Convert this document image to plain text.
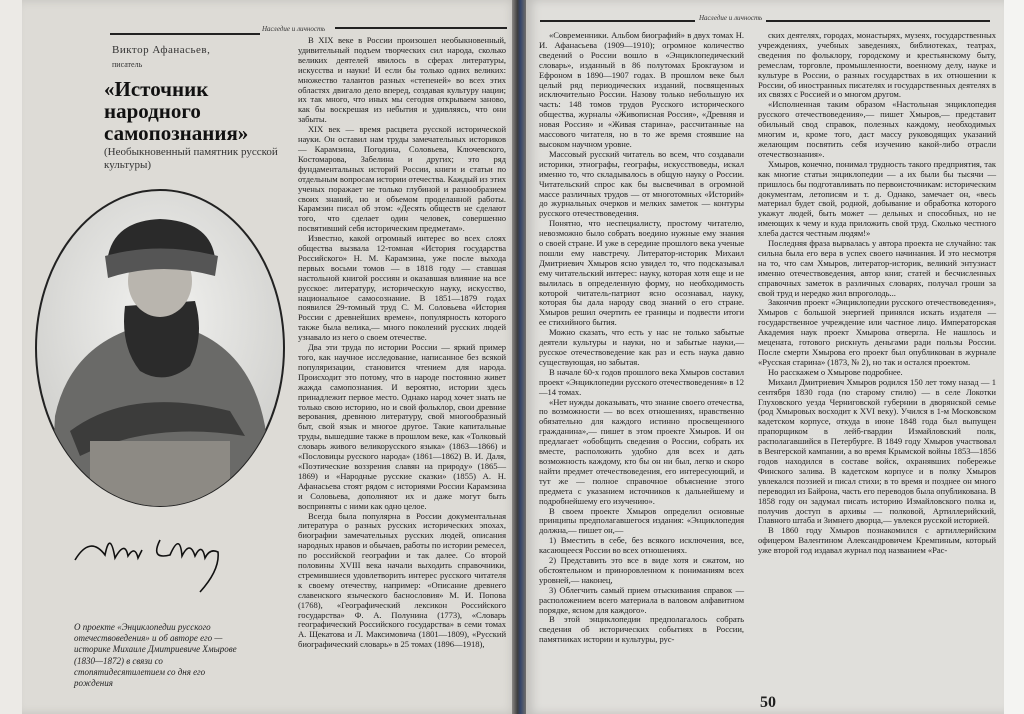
Наследие и личность
Виктор Афанасьев,
писатель
«Источник народного самопознания»
(Необыкновенный памятник русской культуры)
О проекте «Энциклопедии русского отечествоведения» и об авторе его — историке Михаиле Дмитриевиче Хмырове (1830—1872) в связи со стопятидесятилетием со дня его рождения

В XIX веке в России произошел необыкновенный, удивительный подъем творческих сил народа, сколько великих деятелей явилось в сферах литературы, искусства и науки! И если бы только одних великих: множество талантов разных «степеней» во всех этих областях двигало дело вперед, создавая культуру нации; их так много, что иных мы сегодня открываем заново, как бы воскрешая из небытия и удивляясь, что они забыты.

XIX век — время расцвета русской исторической науки. Он оставил нам труды замечательных историков — Карамзина, Погодина, Соловьева, Ключевского, Костомарова, Забелина и других; это ряд фундаментальных историй России, книги и статьи по отдельным вопросам истории отечества. Каждый из этих ученых поражает не только глубиной и разнообразием своих знаний, но и объемом проделанной работы. Карамзин писал об этом: «Десять обществ не сделают того, что сделает один человек, совершенно посвятивший себя историческим предметам».

Известно, какой огромный интерес во всех слоях общества вызвала 12-томная «История государства Российского» Н. М. Карамзина, уже после выхода первых восьми томов — в 1818 году — ставшая настольной книгой россиян и оказавшая влияние на все русское: литературу, историческую науку, искусство, национальное самосознание. В 1851—1879 годах появился 29-томный труд С. М. Соловьева «История России с древнейших времен», популярность которого также была велика,— много поколений русских людей узнавало из него о своем отечестве.

Два эти труда по истории России — яркий пример того, как научное исследование, написанное без всякой популяризации, становится чтением для народа. Происходит это потому, что в народе постоянно живет жажда самопознания. И вероятно, истории здесь принадлежит первое место. Однако народ хочет знать не только свою историю, но и свой фольклор, свои древние верования, древнюю литературу, свой многообразный быт, свой язык и многое другое. Такие капитальные труды, вышедшие также в прошлом веке, как «Толковый словарь живого великорусского языка» (1863—1866) и «Пословицы русского народа» (1861—1862) В. И. Даля, «Поэтические воззрения славян на природу» (1865—1869) и «Народные русские сказки» (1855) А. Н. Афанасьева стоят рядом с историями России Карамзина и Соловьева, дополняют их и даже могут быть восприняты с ними как одно целое.

Всегда была популярна в России документальная литература о разных русских исторических эпохах, биографии замечательных русских людей, описания народных нравов и обычаев, работы по истории ремесел, по российской географии и так далее. Со второй половины XVIII века начали выходить справочники, стремившиеся удовлетворить интерес русского читателя к своему отечеству, например: «Описание древнего славенского языческого баснословия» М. И. Попова (1768), «Географический лексикон Российского государства» Ф. А. Полунина (1773), «Словарь географический Российского государства» в семи томах А. Щекатова и Л. Максимовича (1801—1809), «Русский биографический словарь» в 25 томах (1896—1918),

Наследие и личность

«Современники. Альбом биографий» в двух томах Н. И. Афанасьева (1909—1910); огромное количество сведений о России вошло в «Энциклопедический словарь», изданный в 86 полутомах Брокгаузом и Ефроном в 1890—1907 годах. В прошлом веке был целый ряд периодических изданий, посвященных исключительно России. Назову только небольшую их часть: 148 томов трудов Русского исторического общества, журналы «Живописная Россия», «Древняя и новая Россия» и «Живая старина», рассчитанные на массового читателя, но в то же время стоявшие на высоком научном уровне.

Массовый русский читатель во всем, что создавали историки, этнографы, географы, искусствоведы, искал именно то, что складывалось в общую науку о России. Читательский спрос как бы высвечивал в огромной массе различных трудов — от многотомных «Историй» до журнальных очерков и мелких заметок — контуры русского отечествоведения.

Понятно, что неспециалисту, простому читателю, невозможно было собрать воедино нужные ему знания о своей стране. И уже в середине прошлого века ученые пошли ему навстречу. Литератор-историк Михаил Дмитриевич Хмыров ясно увидел то, что подсказывал ему читательский интерес: науку, которая хотя еще и не вылилась в определенную форму, но необходимость которой читатель-патриот ясно осознавал, науку, которая бы дала народу свод знаний о его стране. Хмыров решил очертить ее границы и подвести итоги ее стихийного бытия.

Можно сказать, что есть у нас не только забытые деятели культуры и науки, но и забытые науки,— русское отечествоведение как раз и есть наука давно существующая, но забытая.

В начале 60-х годов прошлого века Хмыров составил проект «Энциклопедии русского отечествоведения» в 12—14 томах.

«Нет нужды доказывать, что знание своего отечества, по возможности — во всех отношениях, нравственно обязательно для каждого истинно просвещенного гражданина»,— пишет в этом проекте Хмыров. И он предлагает «обобщить сведения о России, собрать их вместе, расположить удобно для всех и дать возможность каждому, кто бы он ни был, легко и скоро найти предмет отечествоведения, его интересующий, и тут же — полное справочное объяснение этого предмета с указанием источников к дальнейшему и подробнейшему его изучению».

В своем проекте Хмыров определил основные принципы предполагавшегося издания: «Энциклопедия должна,— пишет он,—

1) Вместить в себе, без всякого исключения, все, касающееся России во всех отношениях.

2) Представить это все в виде хотя и сжатом, но обстоятельном и приноровленном к пониманиям всех уровней,— наконец,

3) Облегчить самый прием отыскивания справок — расположением всего материала в валовом алфавитном порядке, ясном для каждого».

В этой энциклопедии предполагалось собрать сведения об исторических событиях в России, памятниках истории и культуры, рус-

ских деятелях, городах, монастырях, музеях, государственных учреждениях, учебных заведениях, библиотеках, театрах, сведения по фольклору, городскому и крестьянскому быту, ремеслам, торговле, промышленности, военному делу, науке и культуре в России, о разных государствах в их отношении к России, об иностранных писателях и государственных деятелях в их связях с Россией и о многом другом.

«Исполненная таким образом «Настольная энциклопедия русского отечествоведения»,— пишет Хмыров,— представит обильный свод справок, полезных каждому, необходимых многим и, кроме того, даст массу руководящих указаний желающим посвятить себя изучению какой-либо отрасли отечествознания».

Хмыров, конечно, понимал трудность такого предприятия, так как многие статьи энциклопедии — а их были бы тысячи — пришлось бы подготавливать по первоисточникам: историческим документам, летописям и т. д. Однако, замечает он, «весь материал будет свой, родной, добывание и обработка которого укажут людей, быть может — дельных и способных, но не имеющих к чему и куда приложить свой труд. Сколько честного хлеба дастся честным людям!»

Последняя фраза вырвалась у автора проекта не случайно: так сильна была его вера в успех своего начинания. И это несмотря на то, что сам Хмыров, литератор-историк, великий энтузиаст именно отечествоведения, автор книг, статей и бесчисленных справочных заметок в различных словарях, получал гроши за свой труд и нередко жил впроголодь...

Закончив проект «Энциклопедии русского отечествоведения», Хмыров с большой энергией принялся искать издателя — государственное учреждение или частное лицо. Императорская Академия наук проект Хмырова отвергла. Не нашлось и мецената, готового рискнуть деньгами ради пользы России. После смерти Хмырова его проект был опубликован в журнале «Русская старина» (1873, № 2), но так и остался проектом.

Но расскажем о Хмырове подробнее.

Михаил Дмитриевич Хмыров родился 150 лет тому назад — 1 сентября 1830 года (по старому стилю) — в селе Локотки Глуховского уезда Черниговской губернии в дворянской семье (род Хмыровых восходит к XVI веку). Учился в 1-м Московском кадетском корпусе, откуда в июне 1848 года был выпущен прапорщиком в лейб-гвардии Измайловский полк, располагавшийся в Петербурге. В 1849 году Хмыров участвовал в Венгерской кампании, а во время Крымской войны 1853—1856 годов находился в составе войск, охранявших побережье Финского залива. В кадетском корпусе и в полку Хмыров увлекался поэзией и писал стихи; в то время и позднее он много переводил из Байрона, часть его переводов была опубликована. В 1858 году он задумал писать историю Измайловского полка и, получив доступ в архивы — полковой, Артиллерийский, Главного штаба и Зимнего дворца,— увлекся русской историей.

В 1860 году Хмыров познакомился с артиллерийским офицером Валентином Александровичем Кремпиным, который уже второй год издавал журнал под названием «Рас-

50
